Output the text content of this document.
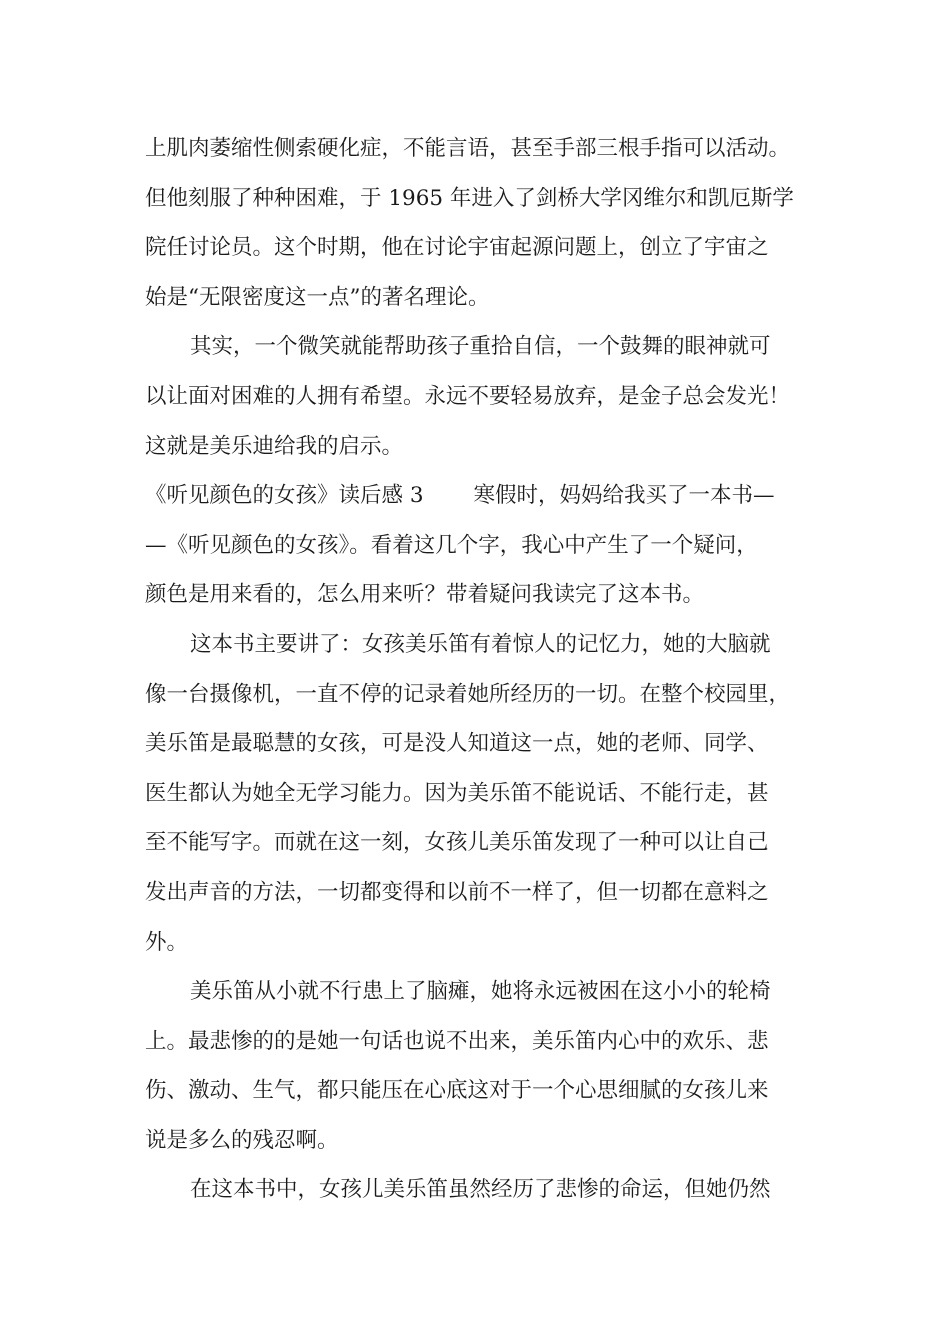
上肌肉萎缩性侧索硬化症，不能言语，甚至手部三根手指可以活动。
但他刻服了种种困难，于 1965 年进入了剑桥大学冈维尔和凯厄斯学
院任讨论员。这个时期，他在讨论宇宙起源问题上，创立了宇宙之
始是“无限密度这一点”的著名理论。
其实，一个微笑就能帮助孩子重拾自信，一个鼓舞的眼神就可
以让面对困难的人拥有希望。永远不要轻易放弃，是金子总会发光！
这就是美乐迪给我的启示。
《听见颜色的女孩》读后感 3 寒假时，妈妈给我买了一本书—
—《听见颜色的女孩》。看着这几个字，我心中产生了一个疑问，
颜色是用来看的，怎么用来听？带着疑问我读完了这本书。
这本书主要讲了：女孩美乐笛有着惊人的记忆力，她的大脑就
像一台摄像机，一直不停的记录着她所经历的一切。在整个校园里，
美乐笛是最聪慧的女孩，可是没人知道这一点，她的老师、同学、
医生都认为她全无学习能力。因为美乐笛不能说话、不能行走，甚
至不能写字。而就在这一刻，女孩儿美乐笛发现了一种可以让自己
发出声音的方法，一切都变得和以前不一样了，但一切都在意料之
外。
美乐笛从小就不行患上了脑瘫，她将永远被困在这小小的轮椅
上。最悲惨的的是她一句话也说不出来，美乐笛内心中的欢乐、悲
伤、激动、生气，都只能压在心底这对于一个心思细腻的女孩儿来
说是多么的残忍啊。
在这本书中，女孩儿美乐笛虽然经历了悲惨的命运，但她仍然
